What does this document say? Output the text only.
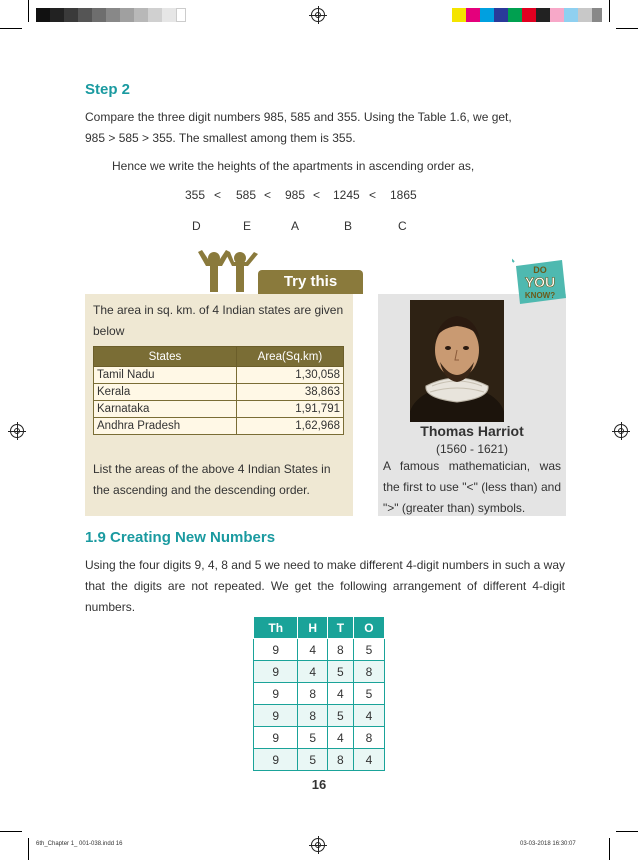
Step 2
Compare the three digit numbers 985, 585 and 355. Using the Table 1.6, we get,
985 > 585 > 355. The smallest among them is 355.
Hence we write the heights of the apartments in ascending order as,
355 < 585 < 985 < 1245 < 1865
D	E	A	B	C
Try this
The area in sq. km. of 4 Indian states are given below
States	Area(Sq.km)
Tamil Nadu	1,30,058
Kerala	38,863
Karnataka	1,91,791
Andhra Pradesh	1,62,968
List the areas of the above 4 Indian States in the ascending and the descending order.
DO
YOU
KNOW?
Thomas Harriot
(1560 - 1621)
A famous mathematician, was the first to use "<" (less than) and ">" (greater than) symbols.
1.9 Creating New Numbers
Using the four digits 9, 4, 8 and 5 we need to make different 4-digit numbers in such a way that the digits are not repeated. We get the following arrangement of different 4-digit numbers.
Th	H	T	O
9	4	8	5
9	4	5	8
9	8	4	5
9	8	5	4
9	5	4	8
9	5	8	4
16
6th_Chapter 1_ 001-038.indd 16	03-03-2018 16:30:07
